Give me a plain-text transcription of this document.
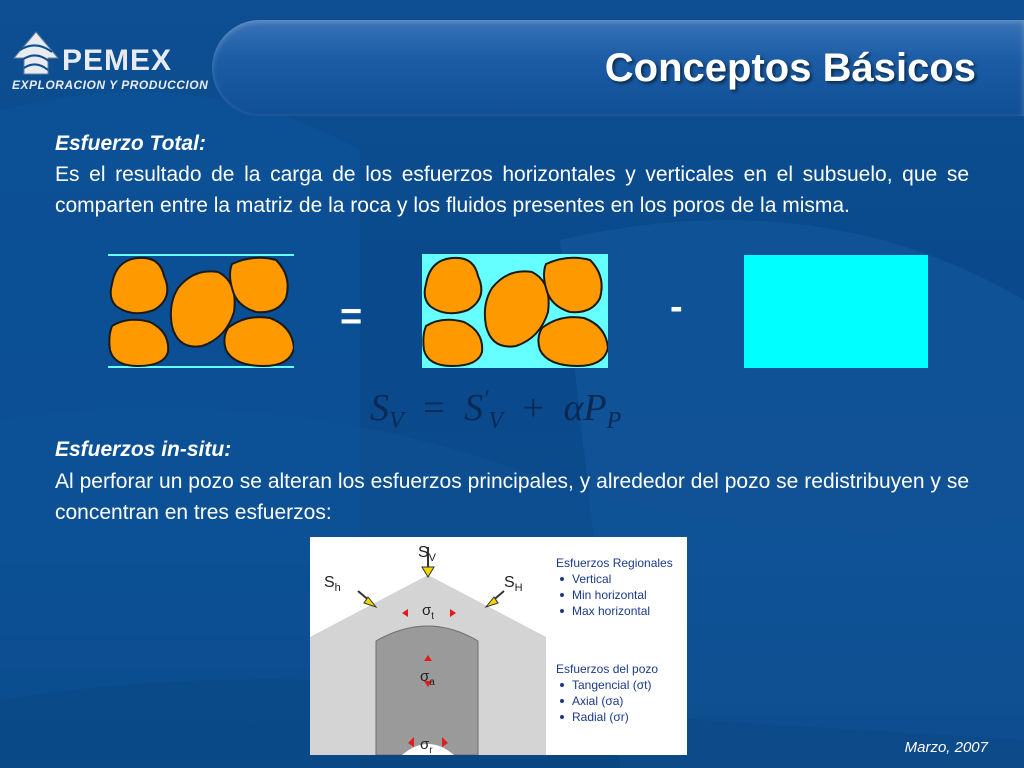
PEMEX
EXPLORACION Y PRODUCCION	Conceptos Básicos
Esfuerzo Total:
Es el resultado de la carga de los esfuerzos horizontales y verticales en el subsuelo, que se comparten entre la matriz de la roca y los fluidos presentes en los poros de la misma.
=	-
$S_V = S'_V + \alpha P_P$
Esfuerzos in-situ:
Al perforar un pozo se alteran los esfuerzos principales, y alrededor del pozo se redistribuyen y se concentran en tres esfuerzos:
$S_V$
$S_h$	$S_H$
$\sigma_t$
$\sigma_a$
$\sigma_r$
Esfuerzos Regionales
Vertical
Min horizontal
Max horizontal
Esfuerzos del pozo
Tangencial (σt)
Axial (σa)
Radial (σr)
Marzo, 2007
